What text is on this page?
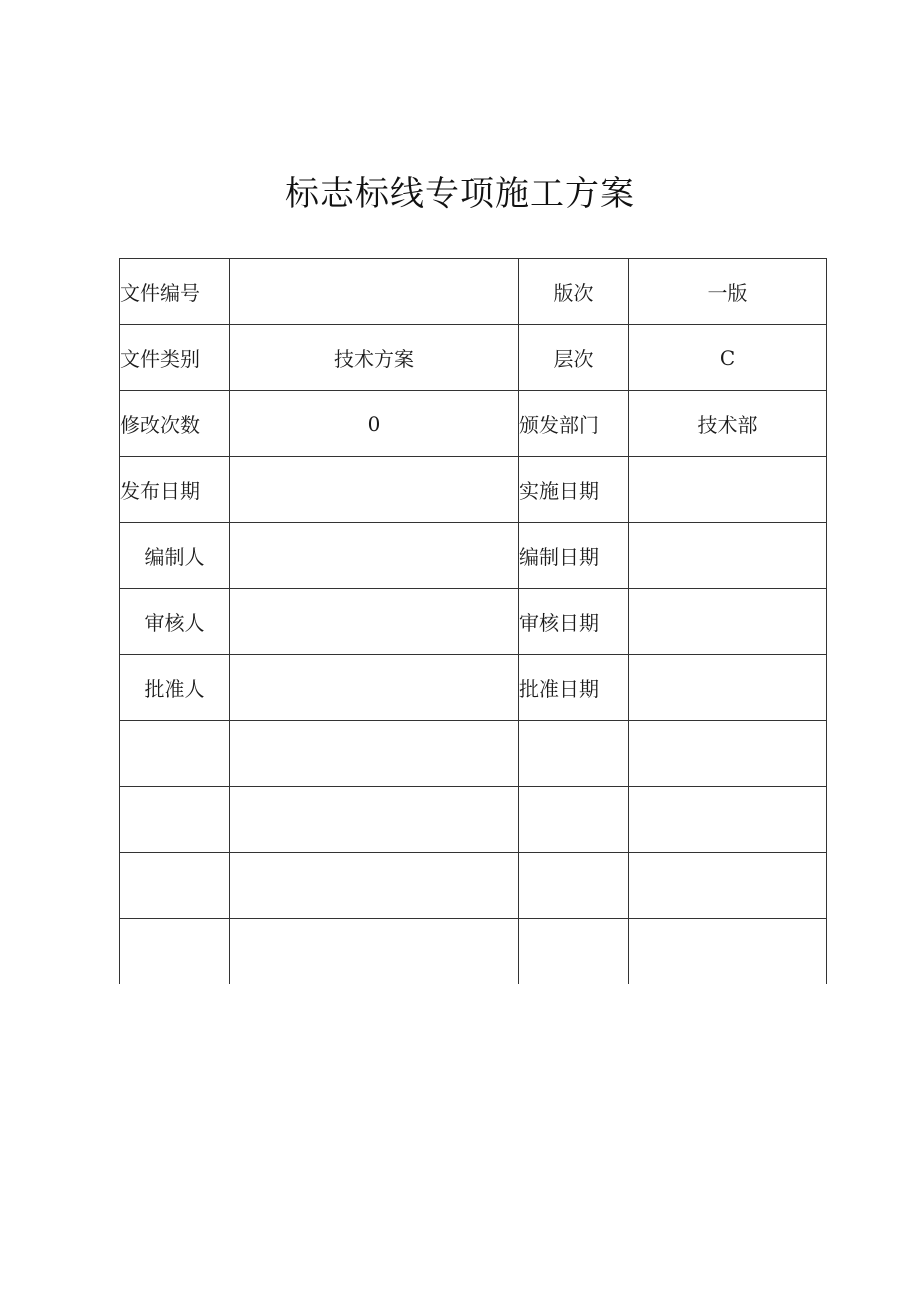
标志标线专项施工方案
文件编号		版次	一版
文件类别	技术方案	层次	C
修改次数	0	颁发部门	技术部
发布日期		实施日期	
编制人		编制日期	
审核人		审核日期	
批准人		批准日期	
